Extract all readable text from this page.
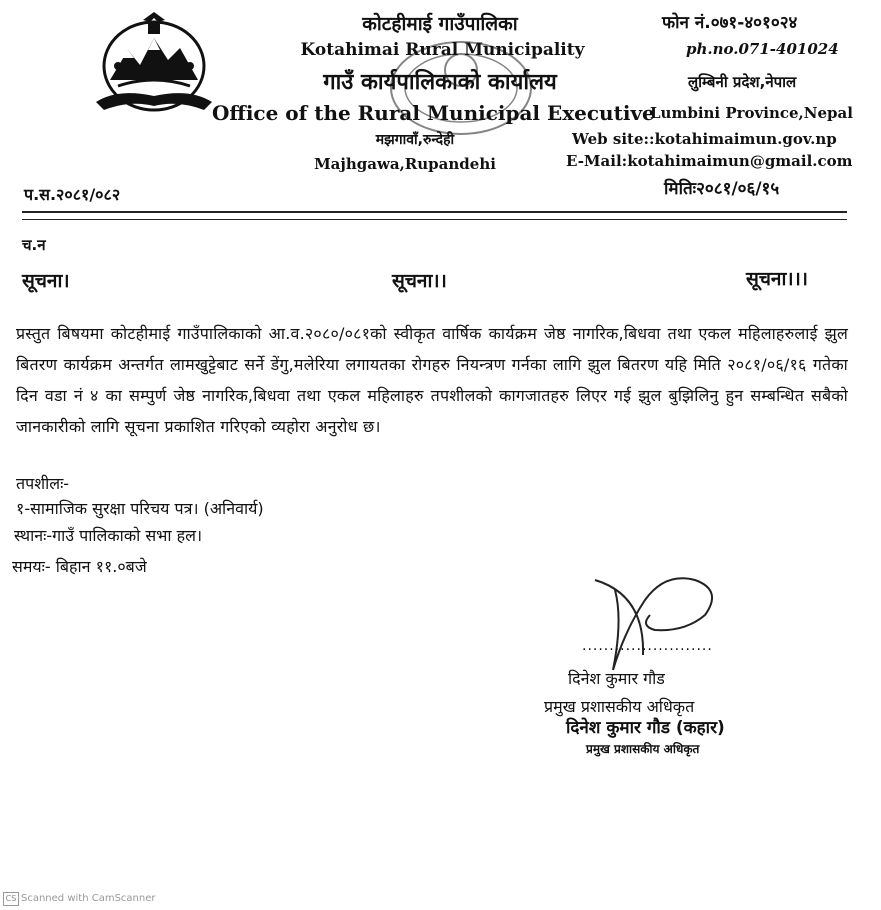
कोटहीमाई गाउँपालिका
Kotahimai Rural Municipality
गाउँ कार्यपालिकाको कार्यालय
Office of the Rural Municipal Executive
मझगावाँ,रुन्देही
Majhgawa,Rupandehi
फोन नं.०७१-४०१०२४
ph.no.071-401024
लुम्बिनी प्रदेश,नेपाल
Lumbini Province,Nepal
Web site::kotahimaimun.gov.np
E-Mail:kotahimaimun@gmail.com
मितिः२०८१/०६/१५
प.स.२०८१/०८२
च.न
सूचना।	सूचना।।	सूचना।।।
प्रस्तुत बिषयमा कोटहीमाई गाउँपालिकाको आ.व.२०८०/०८१को स्वीकृत वार्षिक कार्यक्रम जेष्ठ नागरिक,बिधवा तथा एकल महिलाहरुलाई झुल बितरण कार्यक्रम अन्तर्गत लामखुट्टेबाट सर्ने डेंगु,मलेरिया लगायतका रोगहरु नियन्त्रण गर्नका लागि झुल बितरण यहि मिति २०८१/०६/१६ गतेका दिन वडा नं ४ का सम्पुर्ण जेष्ठ नागरिक,बिधवा तथा एकल महिलाहरु तपशीलको कागजातहरु लिएर गई झुल बुझिलिनु हुन सम्बन्धित सबैको जानकारीको लागि सूचना प्रकाशित गरिएको व्यहोरा अनुरोध छ।
तपशीलः-
१-सामाजिक सुरक्षा परिचय पत्र। (अनिवार्य)
स्थानः-गाउँ पालिकाको सभा हल।
समयः- बिहान ११.०बजे
........................
दिनेश कुमार गौड
प्रमुख प्रशासकीय अधिकृत
दिनेश कुमार गौड (कहार)
प्रमुख प्रशासकीय अधिकृत
CS Scanned with CamScanner
